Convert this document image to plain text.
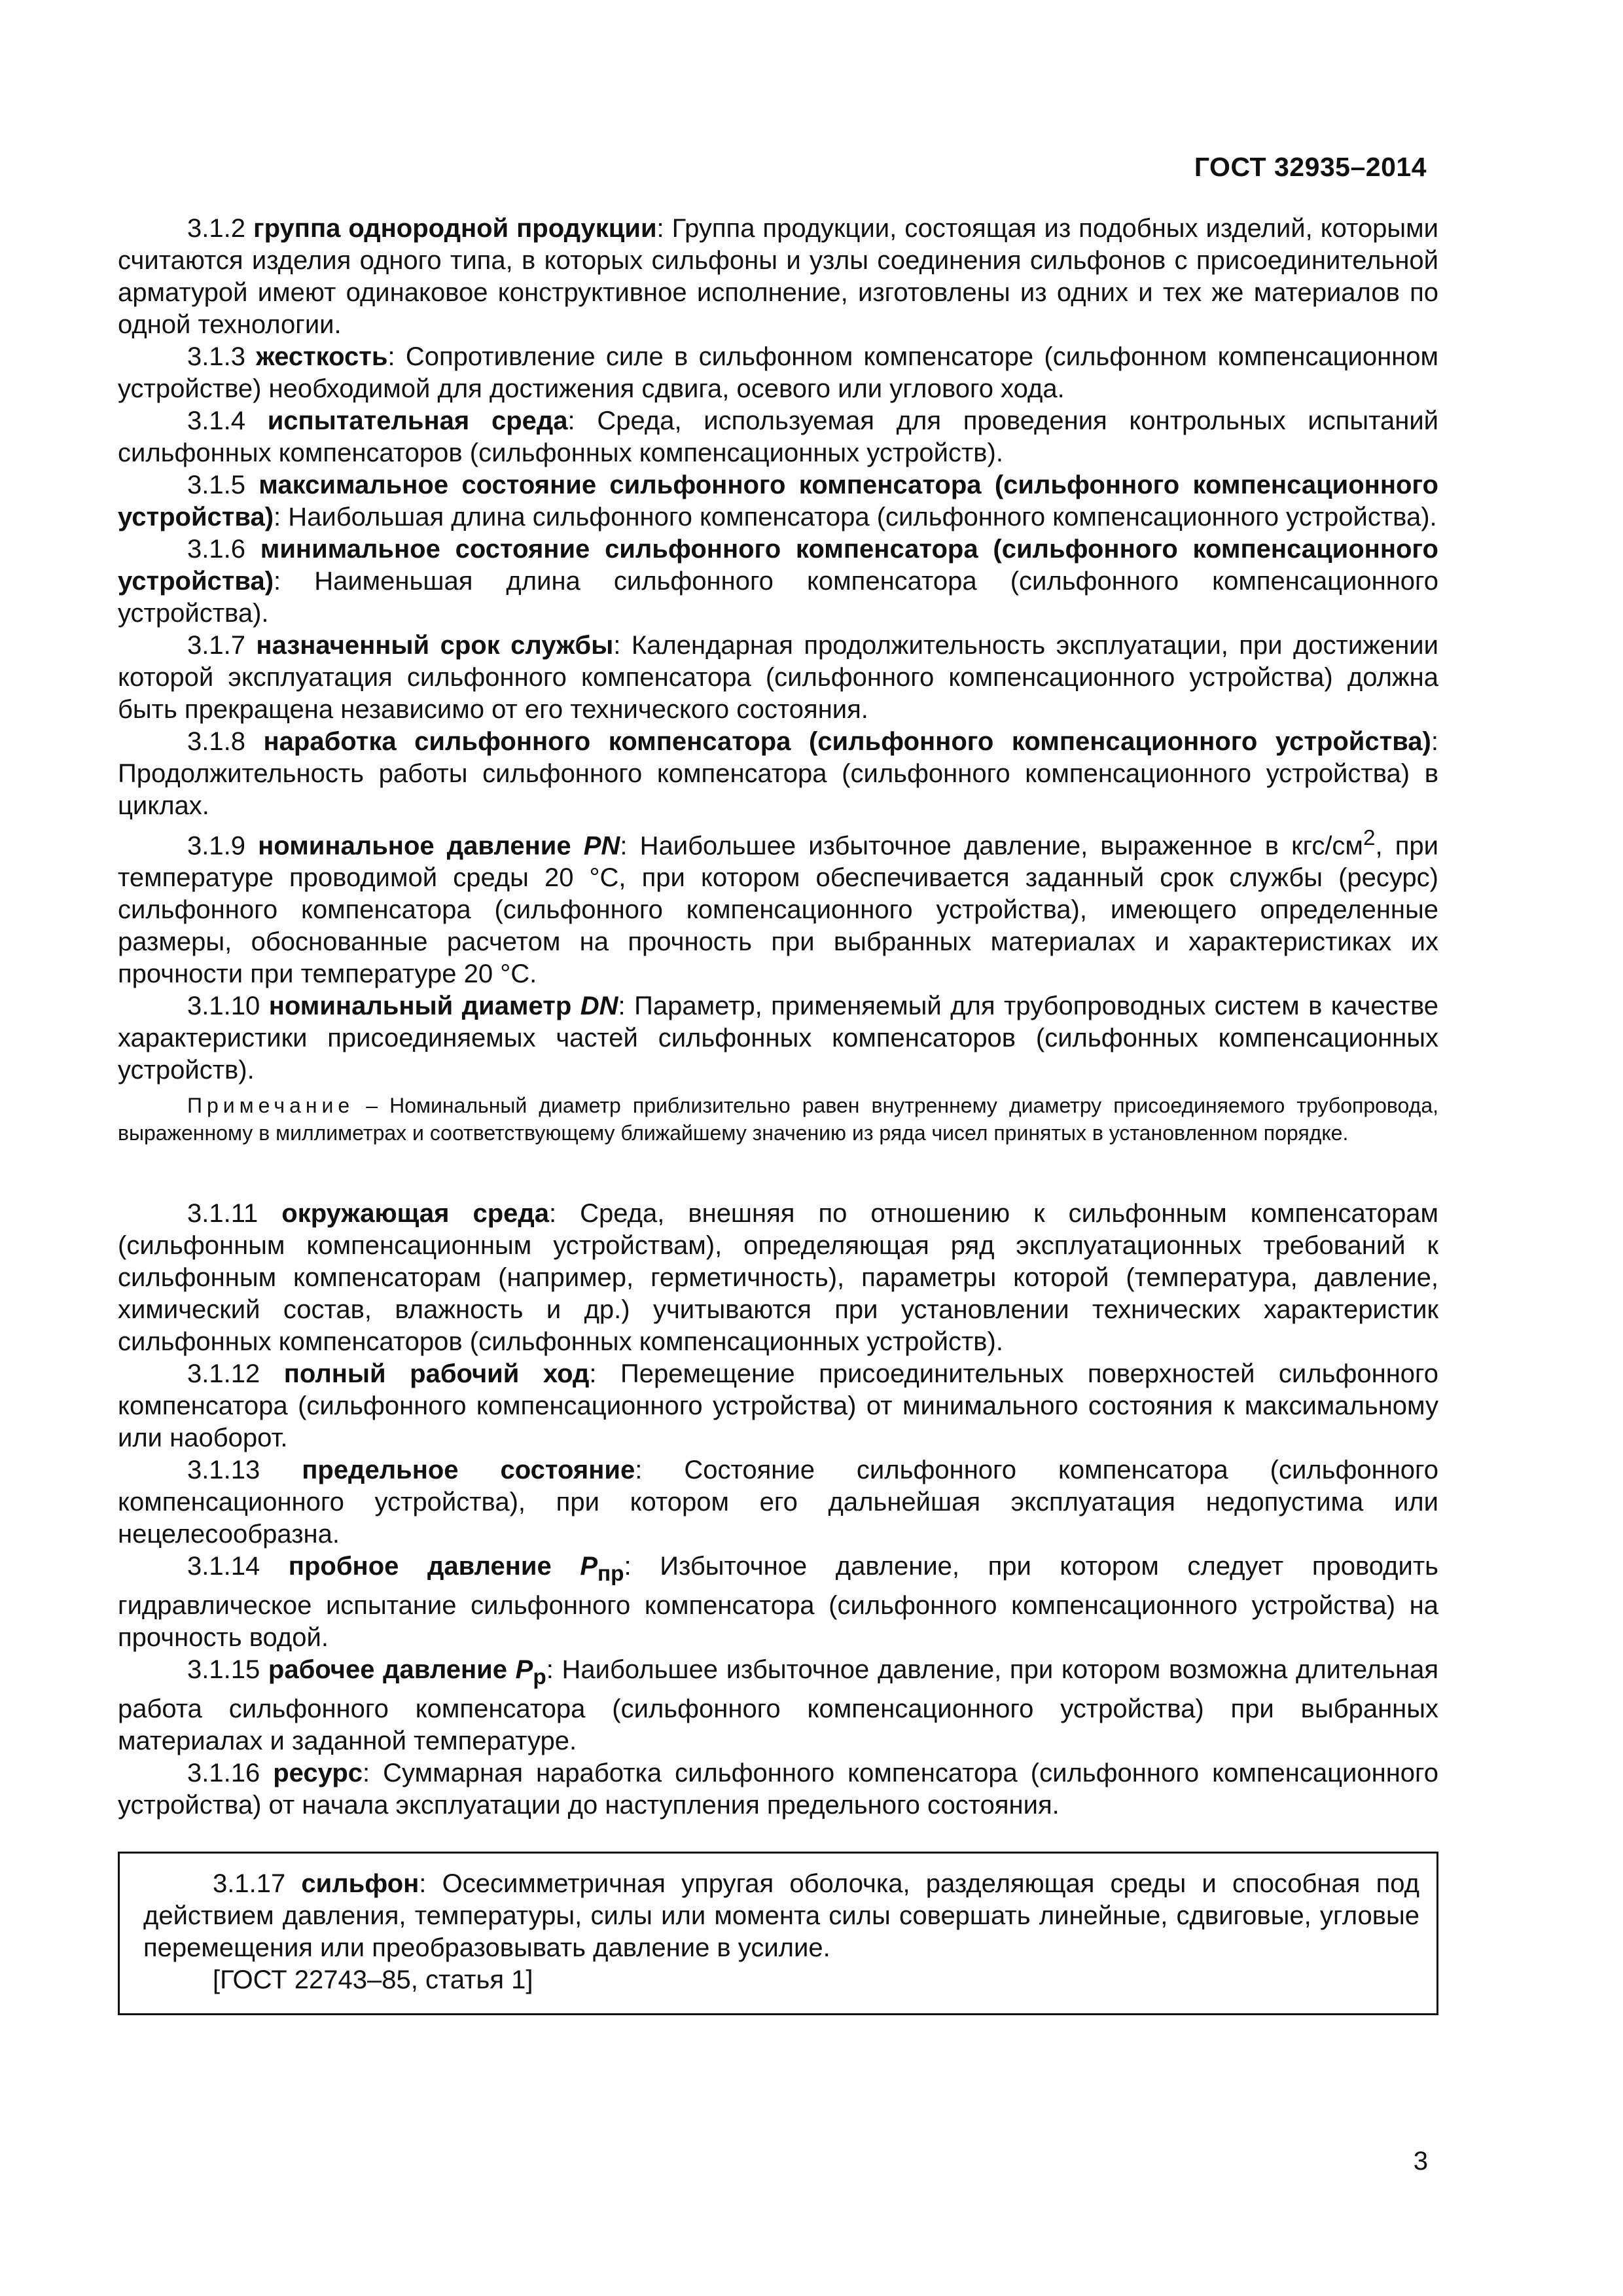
ГОСТ 32935–2014

3.1.2 группа однородной продукции: Группа продукции, состоящая из подобных изделий, которыми считаются изделия одного типа, в которых сильфоны и узлы соединения сильфонов с присоединительной арматурой имеют одинаковое конструктивное исполнение, изготовлены из одних и тех же материалов по одной технологии.

3.1.3 жесткость: Сопротивление силе в сильфонном компенсаторе (сильфонном компенсационном устройстве) необходимой для достижения сдвига, осевого или углового хода.

3.1.4 испытательная среда: Среда, используемая для проведения контрольных испытаний сильфонных компенсаторов (сильфонных компенсационных устройств).

3.1.5 максимальное состояние сильфонного компенсатора (сильфонного компенсационного устройства): Наибольшая длина сильфонного компенсатора (сильфонного компенсационного устройства).

3.1.6 минимальное состояние сильфонного компенсатора (сильфонного компенсационного устройства): Наименьшая длина сильфонного компенсатора (сильфонного компенсационного устройства).

3.1.7 назначенный срок службы: Календарная продолжительность эксплуатации, при достижении которой эксплуатация сильфонного компенсатора (сильфонного компенсационного устройства) должна быть прекращена независимо от его технического состояния.

3.1.8 наработка сильфонного компенсатора (сильфонного компенсационного устройства): Продолжительность работы сильфонного компенсатора (сильфонного компенсационного устройства) в циклах.

3.1.9 номинальное давление PN: Наибольшее избыточное давление, выраженное в кгс/$см^2$, при температуре проводимой среды 20 °С, при котором обеспечивается заданный срок службы (ресурс) сильфонного компенсатора (сильфонного компенсационного устройства), имеющего определенные размеры, обоснованные расчетом на прочность при выбранных материалах и характеристиках их прочности при температуре 20 °С.

3.1.10 номинальный диаметр DN: Параметр, применяемый для трубопроводных систем в качестве характеристики присоединяемых частей сильфонных компенсаторов (сильфонных компенсационных устройств).

Примечание – Номинальный диаметр приблизительно равен внутреннему диаметру присоединяемого трубопровода, выраженному в миллиметрах и соответствующему ближайшему значению из ряда чисел принятых в установленном порядке.

3.1.11 окружающая среда: Среда, внешняя по отношению к сильфонным компенсаторам (сильфонным компенсационным устройствам), определяющая ряд эксплуатационных требований к сильфонным компенсаторам (например, герметичность), параметры которой (температура, давление, химический состав, влажность и др.) учитываются при установлении технических характеристик сильфонных компенсаторов (сильфонных компенсационных устройств).

3.1.12 полный рабочий ход: Перемещение присоединительных поверхностей сильфонного компенсатора (сильфонного компенсационного устройства) от минимального состояния к максимальному или наоборот.

3.1.13 предельное состояние: Состояние сильфонного компенсатора (сильфонного компенсационного устройства), при котором его дальнейшая эксплуатация недопустима или нецелесообразна.

3.1.14 пробное давление $P_{пр}$: Избыточное давление, при котором следует проводить гидравлическое испытание сильфонного компенсатора (сильфонного компенсационного устройства) на прочность водой.

3.1.15 рабочее давление $P_р$: Наибольшее избыточное давление, при котором возможна длительная работа сильфонного компенсатора (сильфонного компенсационного устройства) при выбранных материалах и заданной температуре.

3.1.16 ресурс: Суммарная наработка сильфонного компенсатора (сильфонного компенсационного устройства) от начала эксплуатации до наступления предельного состояния.

3.1.17 сильфон: Осесимметричная упругая оболочка, разделяющая среды и способная под действием давления, температуры, силы или момента силы совершать линейные, сдвиговые, угловые перемещения или преобразовывать давление в усилие.

[ГОСТ 22743–85, статья 1]

3
